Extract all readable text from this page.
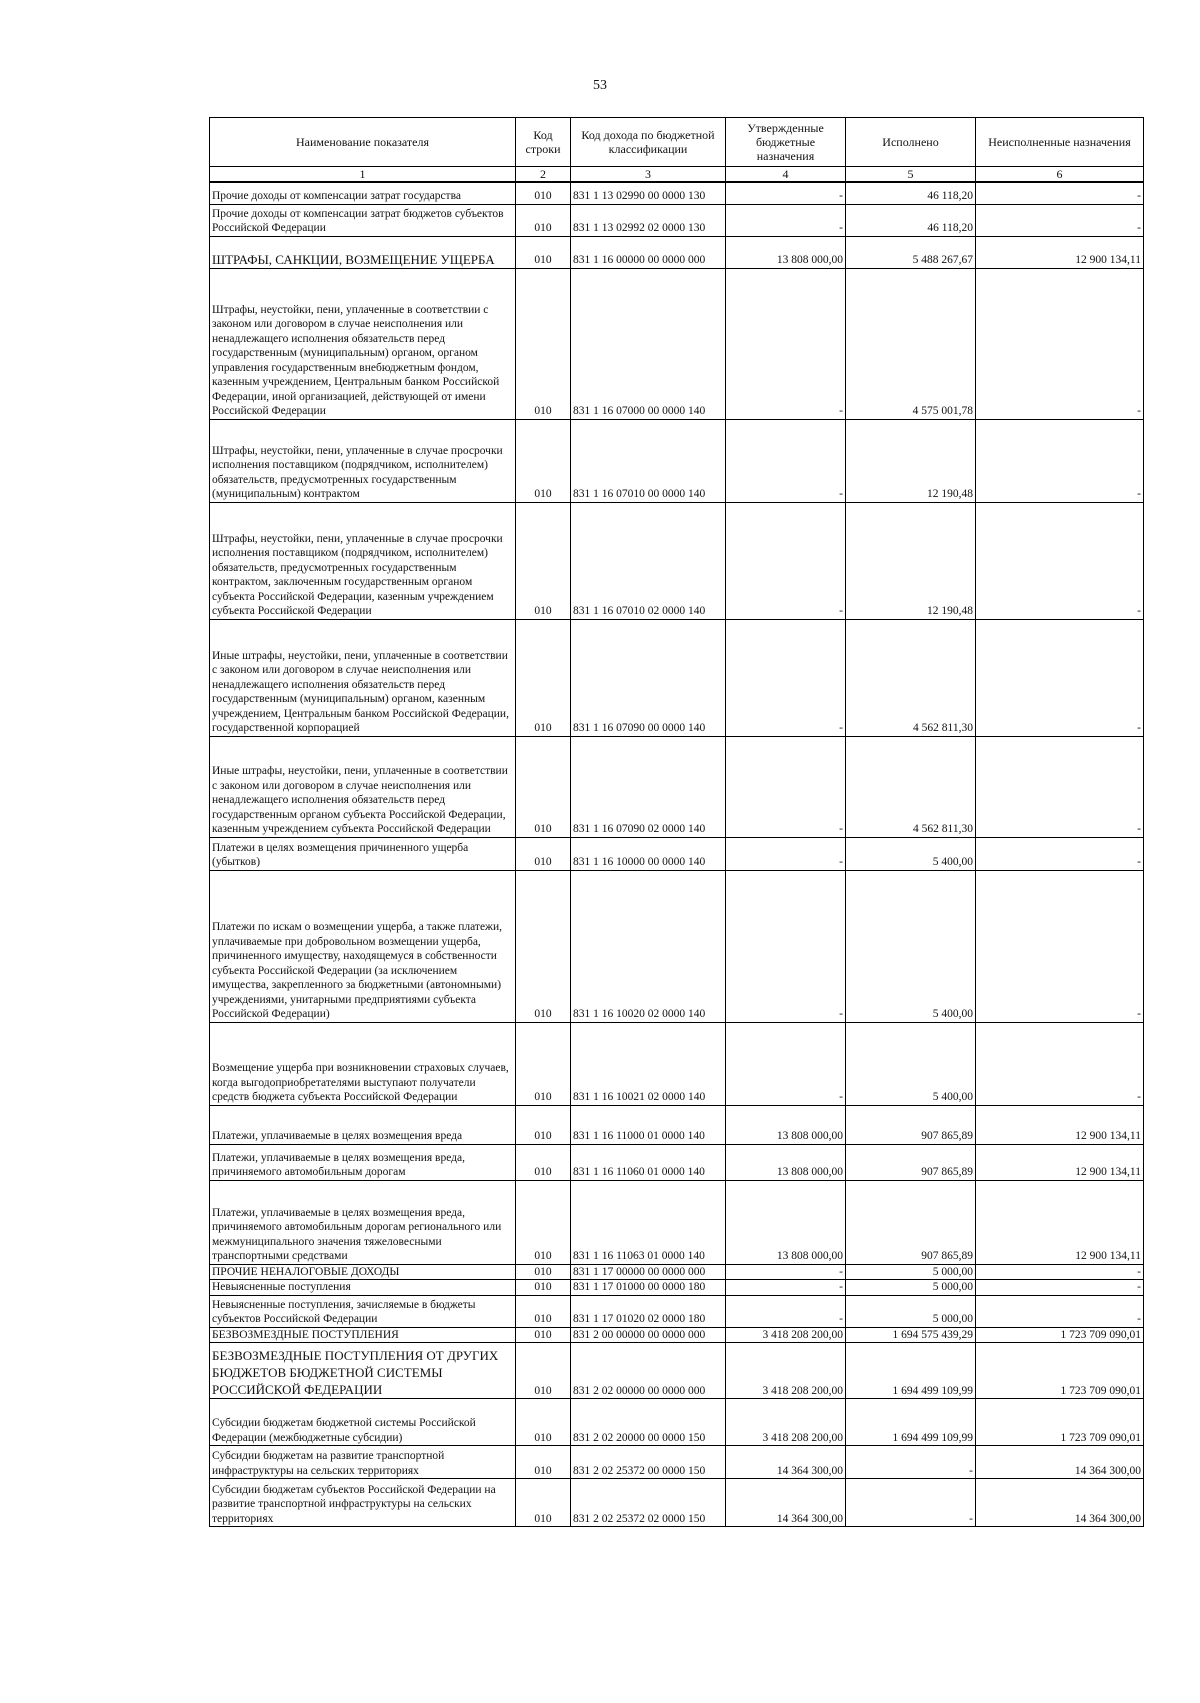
53
Наименование показателя	Код строки	Код дохода по бюджетной классификации	Утвержденные бюджетные назначения	Исполнено	Неисполненные назначения
1	2	3	4	5	6
Прочие доходы от компенсации затрат государства	010	831 1 13 02990 00 0000 130	-	46 118,20	-
Прочие доходы от компенсации затрат бюджетов субъектов Российской Федерации	010	831 1 13 02992 02 0000 130	-	46 118,20	-
ШТРАФЫ, САНКЦИИ, ВОЗМЕЩЕНИЕ УЩЕРБА	010	831 1 16 00000 00 0000 000	13 808 000,00	5 488 267,67	12 900 134,11
Штрафы, неустойки, пени, уплаченные в соответствии с законом или договором в случае неисполнения или ненадлежащего исполнения обязательств перед государственным (муниципальным) органом, органом управления государственным внебюджетным фондом, казенным учреждением, Центральным банком Российской Федерации, иной организацией, действующей от имени Российской Федерации	010	831 1 16 07000 00 0000 140	-	4 575 001,78	-
Штрафы, неустойки, пени, уплаченные в случае просрочки исполнения поставщиком (подрядчиком, исполнителем) обязательств, предусмотренных государственным (муниципальным) контрактом	010	831 1 16 07010 00 0000 140	-	12 190,48	-
Штрафы, неустойки, пени, уплаченные в случае просрочки исполнения поставщиком (подрядчиком, исполнителем) обязательств, предусмотренных государственным контрактом, заключенным государственным органом субъекта Российской Федерации, казенным учреждением субъекта Российской Федерации	010	831 1 16 07010 02 0000 140	-	12 190,48	-
Иные штрафы, неустойки, пени, уплаченные в соответствии с законом или договором в случае неисполнения или ненадлежащего исполнения обязательств перед государственным (муниципальным) органом, казенным учреждением, Центральным банком Российской Федерации, государственной корпорацией	010	831 1 16 07090 00 0000 140	-	4 562 811,30	-
Иные штрафы, неустойки, пени, уплаченные в соответствии с законом или договором в случае неисполнения или ненадлежащего исполнения обязательств перед государственным органом субъекта Российской Федерации, казенным учреждением субъекта Российской Федерации	010	831 1 16 07090 02 0000 140	-	4 562 811,30	-
Платежи в целях возмещения причиненного ущерба (убытков)	010	831 1 16 10000 00 0000 140	-	5 400,00	-
Платежи по искам о возмещении ущерба, а также платежи, уплачиваемые при добровольном возмещении ущерба, причиненного имуществу, находящемуся в собственности субъекта Российской Федерации (за исключением имущества, закрепленного за бюджетными (автономными) учреждениями, унитарными предприятиями субъекта Российской Федерации)	010	831 1 16 10020 02 0000 140	-	5 400,00	-
Возмещение ущерба при возникновении страховых случаев, когда выгодоприобретателями выступают получатели средств бюджета субъекта Российской Федерации	010	831 1 16 10021 02 0000 140	-	5 400,00	-
Платежи, уплачиваемые в целях возмещения вреда	010	831 1 16 11000 01 0000 140	13 808 000,00	907 865,89	12 900 134,11
Платежи, уплачиваемые в целях возмещения вреда, причиняемого автомобильным дорогам	010	831 1 16 11060 01 0000 140	13 808 000,00	907 865,89	12 900 134,11
Платежи, уплачиваемые в целях возмещения вреда, причиняемого автомобильным дорогам регионального или межмуниципального значения тяжеловесными транспортными средствами	010	831 1 16 11063 01 0000 140	13 808 000,00	907 865,89	12 900 134,11
ПРОЧИЕ НЕНАЛОГОВЫЕ ДОХОДЫ	010	831 1 17 00000 00 0000 000	-	5 000,00	-
Невыясненные поступления	010	831 1 17 01000 00 0000 180	-	5 000,00	-
Невыясненные поступления, зачисляемые в бюджеты субъектов Российской Федерации	010	831 1 17 01020 02 0000 180	-	5 000,00	-
БЕЗВОЗМЕЗДНЫЕ ПОСТУПЛЕНИЯ	010	831 2 00 00000 00 0000 000	3 418 208 200,00	1 694 575 439,29	1 723 709 090,01
БЕЗВОЗМЕЗДНЫЕ ПОСТУПЛЕНИЯ ОТ ДРУГИХ БЮДЖЕТОВ БЮДЖЕТНОЙ СИСТЕМЫ РОССИЙСКОЙ ФЕДЕРАЦИИ	010	831 2 02 00000 00 0000 000	3 418 208 200,00	1 694 499 109,99	1 723 709 090,01
Субсидии бюджетам бюджетной системы Российской Федерации (межбюджетные субсидии)	010	831 2 02 20000 00 0000 150	3 418 208 200,00	1 694 499 109,99	1 723 709 090,01
Субсидии бюджетам на развитие транспортной инфраструктуры на сельских территориях	010	831 2 02 25372 00 0000 150	14 364 300,00	-	14 364 300,00
Субсидии бюджетам субъектов Российской Федерации на развитие транспортной инфраструктуры на сельских территориях	010	831 2 02 25372 02 0000 150	14 364 300,00	-	14 364 300,00
